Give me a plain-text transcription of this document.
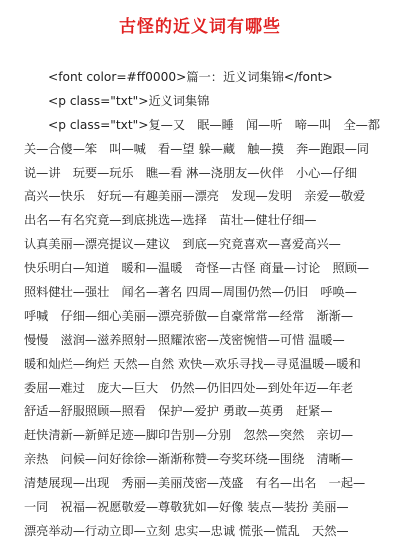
古怪的近义词有哪些
<font color=#ff0000>篇一：近义词集锦</font>
<p class="txt">近义词集锦
<p class="txt">复—又　眠—睡　闻—听　啼—叫　全—都
关—合傻—笨　叫—喊　看—望 躲—藏　触—摸　奔—跑跟—同
说—讲　玩要—玩乐　瞧—看 淋—浇朋友—伙伴　小心—仔细
高兴—快乐　好玩—有趣美丽—漂亮　发现—发明　亲爱—敬爱
出名—有名究竟—到底挑选—选择　苗壮—健壮仔细—
认真美丽—漂亮提议—建议　到底—究竟喜欢—喜爱高兴—
快乐明白—知道　暖和—温暖　奇怪—古怪 商量—讨论　照顾—
照料健壮—强壮　闻名—著名 四周—周围仍然—仍旧　呼唤—
呼喊　仔细—细心美丽—漂亮骄傲—自豪常常—经常　渐渐—
慢慢　滋润—滋养照射—照耀浓密—茂密惋惜—可惜 温暖—
暖和灿烂—绚烂 天然—自然 欢快—欢乐寻找—寻觅温暖—暖和
委屈—难过　庞大—巨大　仍然—仍旧四处—到处年迈—年老
舒适—舒服照顾—照看　保护—爱护 勇敢—英勇　赶紧—
赶快清新—新鲜足迹—脚印告别—分别　忽然—突然　亲切—
亲热　问候—问好徐徐—渐渐称赞—夸奖环绕—围绕　清晰—
清楚展现—出现　秀丽—美丽茂密—茂盛　有名—出名　一起—
一同　祝福—祝愿敬爱—尊敬犹如—好像 装点—装扮 美丽—
漂亮举动—行动立即—立刻 忠实—忠诚 慌张—慌乱　天然—
